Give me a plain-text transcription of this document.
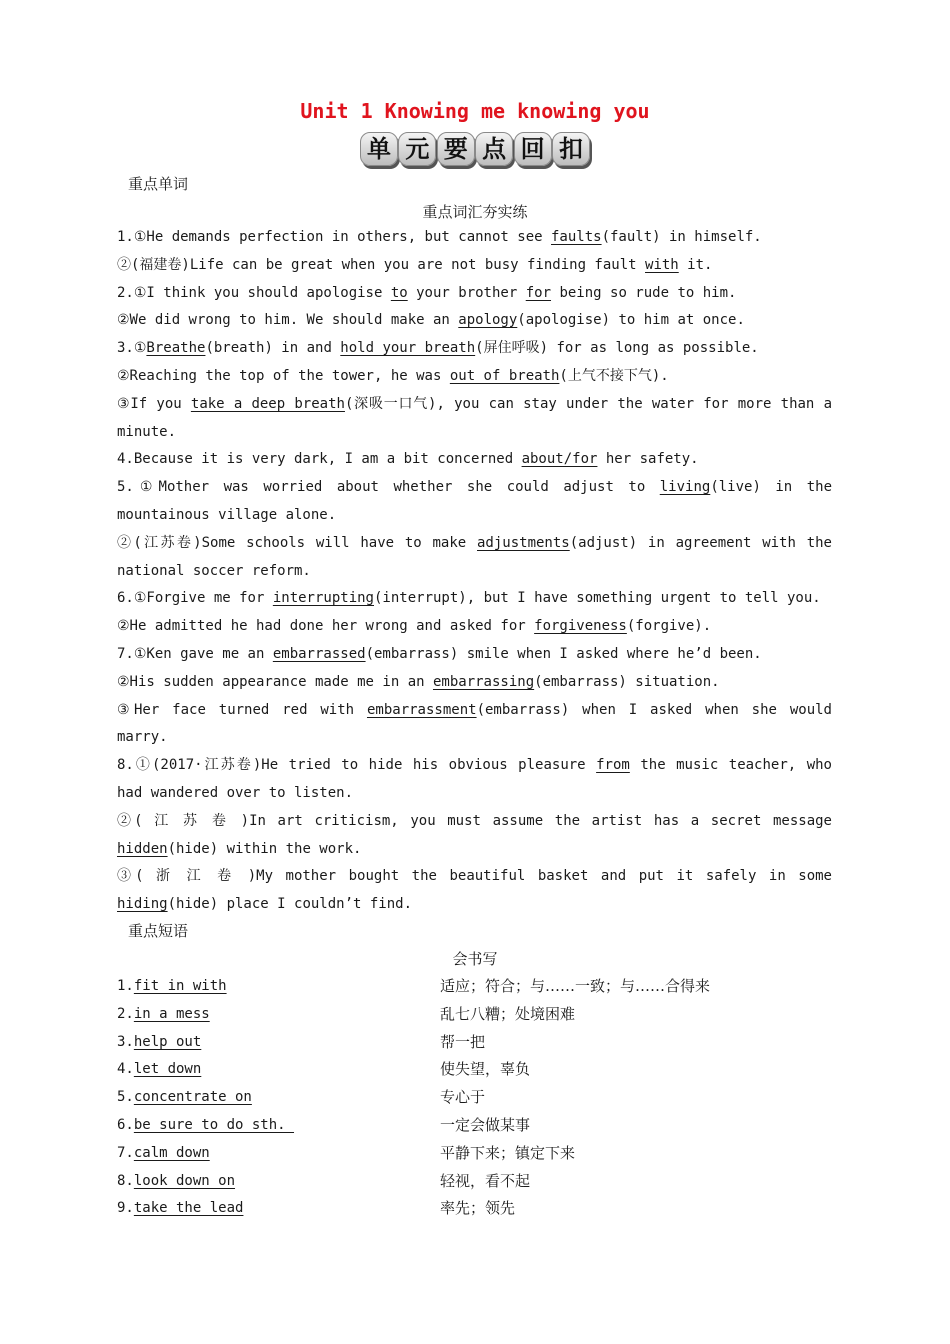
Unit 1 Knowing me knowing you
单 元 要 点 回 扣
重点单词
重点词汇夯实练
1.①He demands perfection in others, but cannot see faults(fault) in himself.
②(福建卷)Life can be great when you are not busy finding fault with it.
2.①I think you should apologise to your brother for being so rude to him.
②We did wrong to him. We should make an apology(apologise) to him at once.
3.①Breathe(breath) in and hold your breath(屏住呼吸) for as long as possible.
②Reaching the top of the tower, he was out of breath(上气不接下气).
③If you take a deep breath(深吸一口气), you can stay under the water for more than a
minute.
4.Because it is very dark, I am a bit concerned about/for her safety.
5.①Mother was worried about whether she could adjust to living(live) in the
mountainous village alone.
②(江苏卷)Some schools will have to make adjustments(adjust) in agreement with the
national soccer reform.
6.①Forgive me for interrupting(interrupt), but I have something urgent to tell you.
②He admitted he had done her wrong and asked for forgiveness(forgive).
7.①Ken gave me an embarrassed(embarrass) smile when I asked where he’d been.
②His sudden appearance made me in an embarrassing(embarrass) situation.
③Her face turned red with embarrassment(embarrass) when I asked when she would
marry.
8.①(2017·江苏卷)He tried to hide his obvious pleasure from the music teacher, who
had wandered over to listen.
②( 江 苏 卷 )In art criticism, you must assume the artist has a secret message
hidden(hide) within the work.
③( 浙 江 卷 )My mother bought the beautiful basket and put it safely in some
hiding(hide) place I couldn’t find.
重点短语
会书写
1.fit in with	适应；符合；与……一致；与……合得来
2.in a mess	乱七八糟；处境困难
3.help out	帮一把
4.let down	使失望，辜负
5.concentrate on	专心于
6.be sure to do sth.	一定会做某事
7.calm down	平静下来；镇定下来
8.look down on	轻视，看不起
9.take the lead	率先；领先
